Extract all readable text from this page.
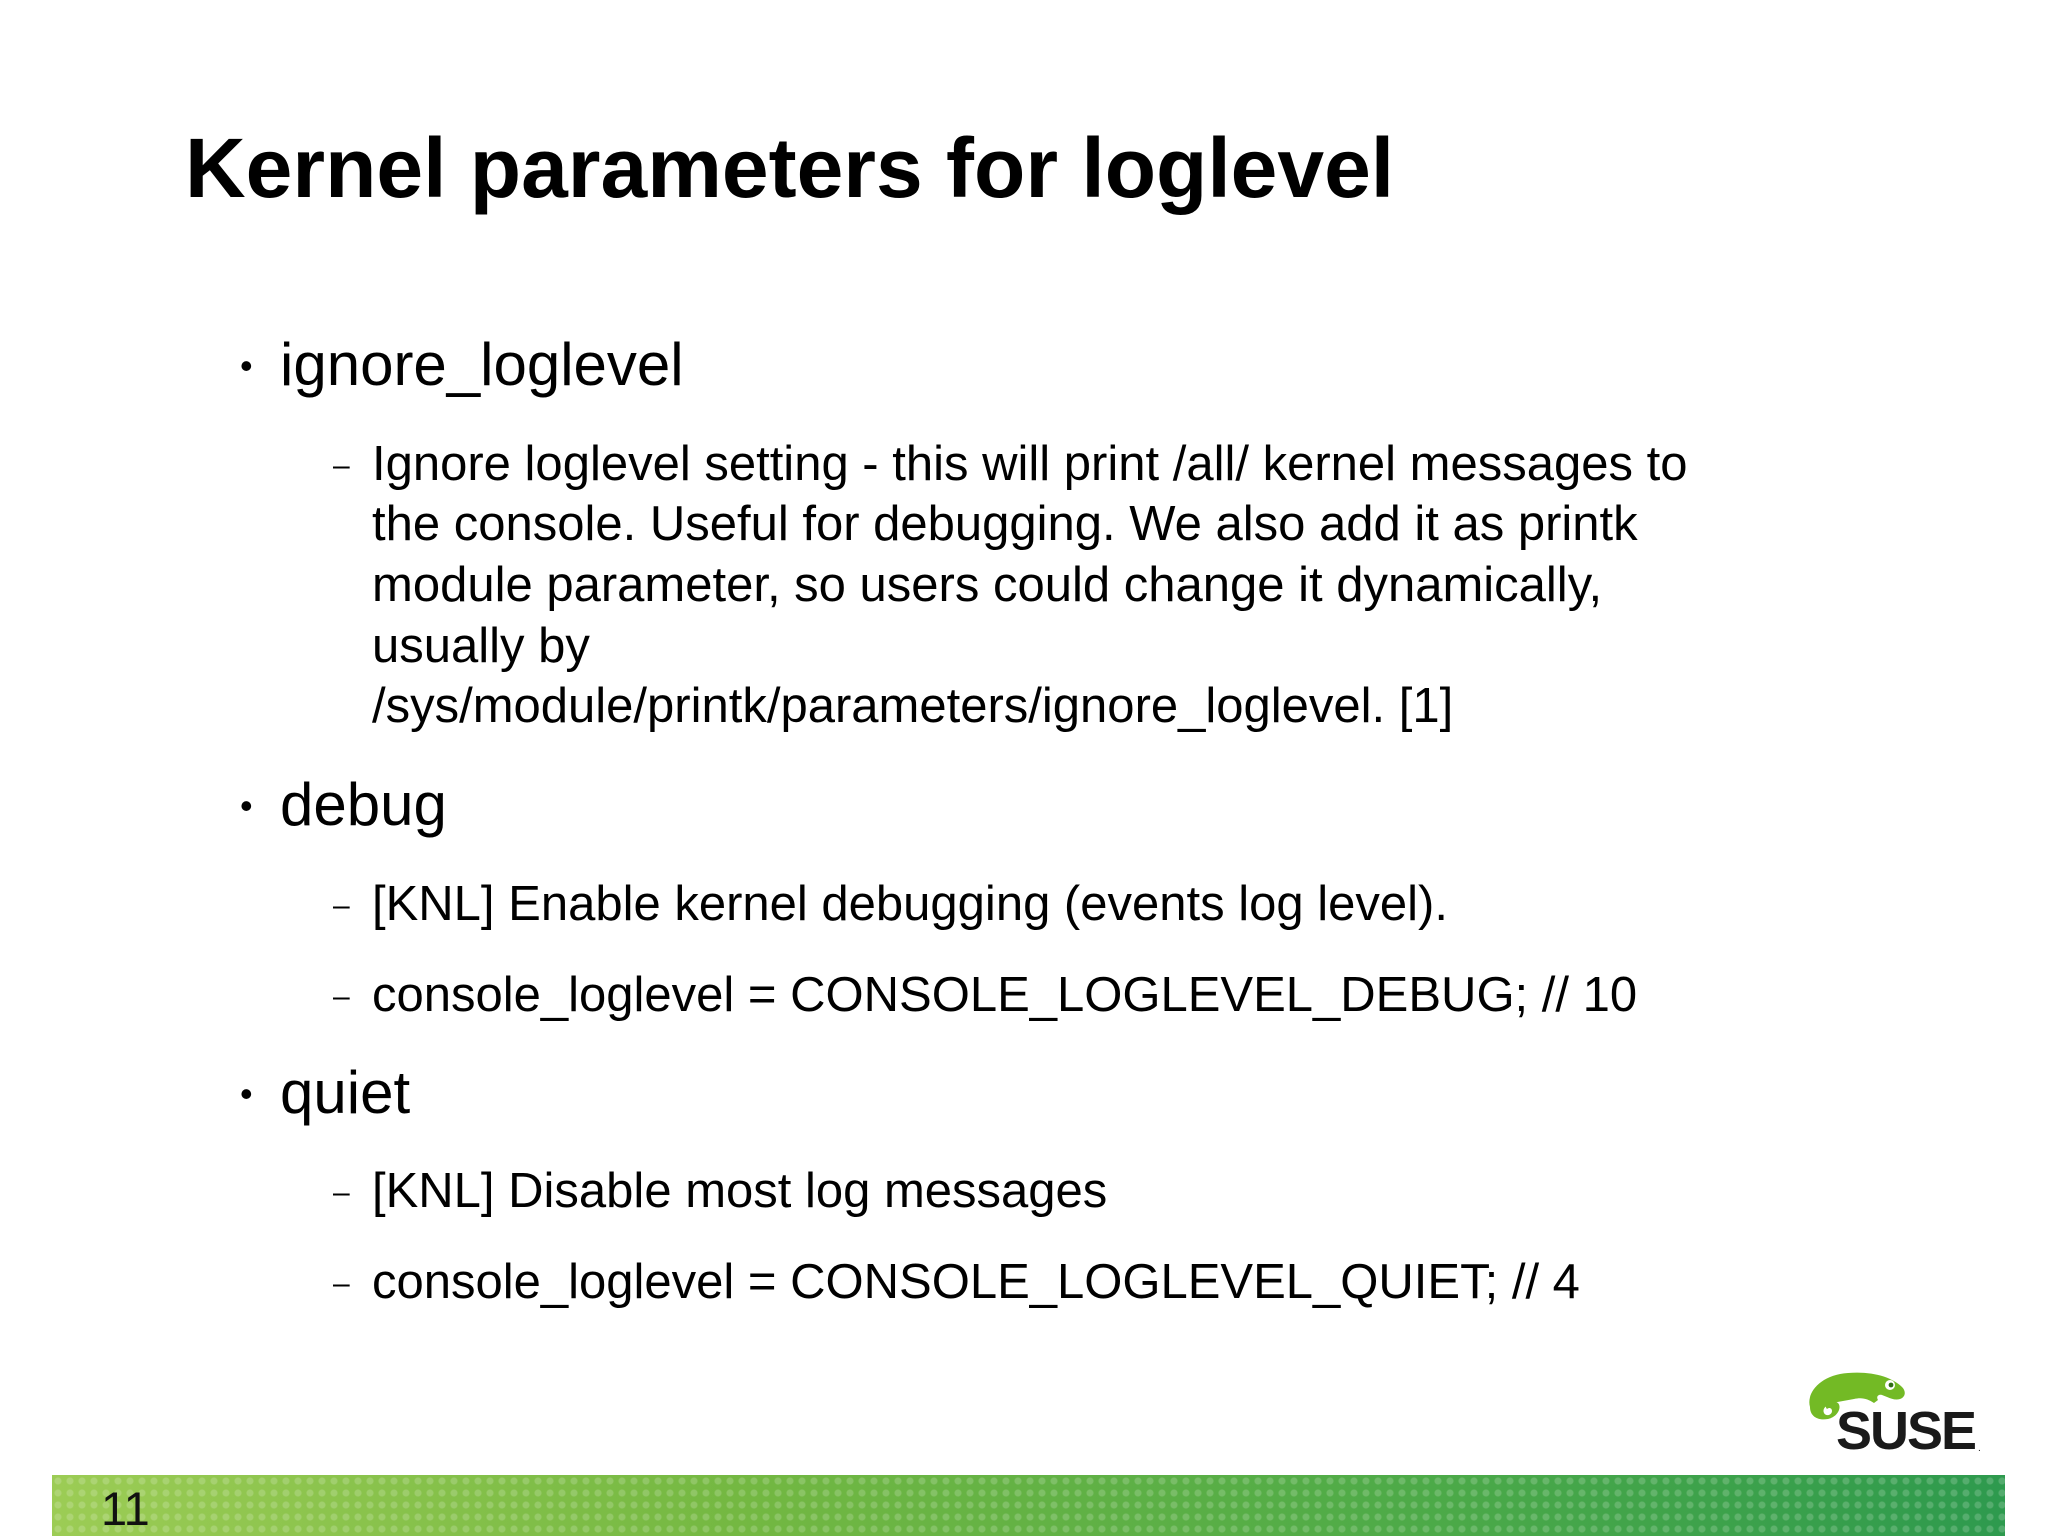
Kernel parameters for loglevel
• ignore_loglevel
– Ignore loglevel setting - this will print /all/ kernel messages to
the console. Useful for debugging. We also add it as printk
module parameter, so users could change it dynamically,
usually by
/sys/module/printk/parameters/ignore_loglevel. [1]
• debug
– [KNL] Enable kernel debugging (events log level).
– console_loglevel = CONSOLE_LOGLEVEL_DEBUG; // 10
• quiet
– [KNL] Disable most log messages
– console_loglevel = CONSOLE_LOGLEVEL_QUIET; // 4
SUSE .
11
